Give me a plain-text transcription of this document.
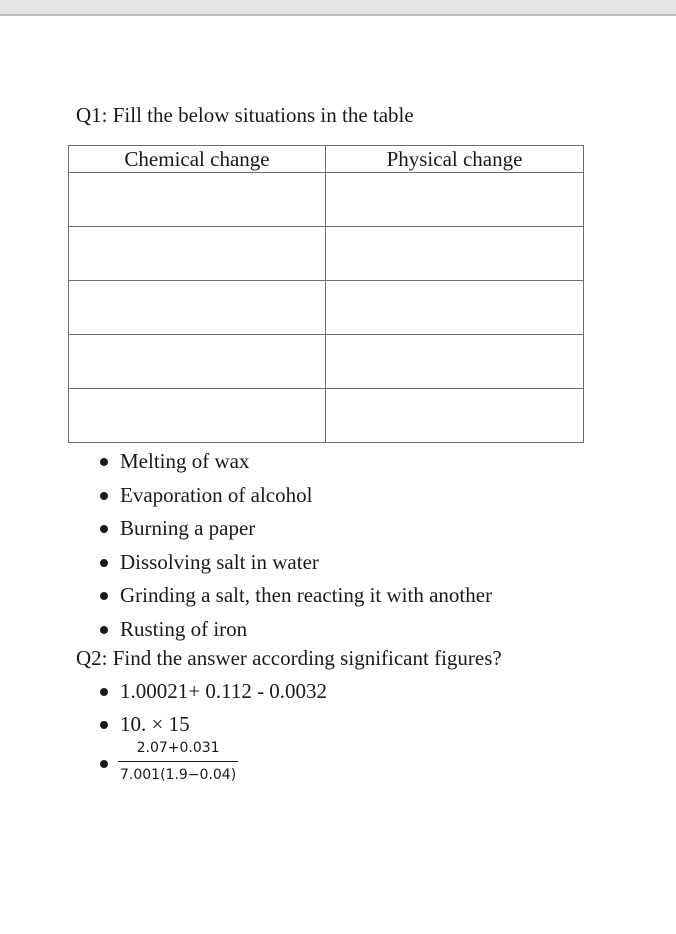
Q1: Fill the below situations in the table
Chemical change	Physical change

Melting of wax
Evaporation of alcohol
Burning a paper
Dissolving salt in water
Grinding a salt, then reacting it with another
Rusting of iron
Q2: Find the answer according significant figures?
1.00021+ 0.112 - 0.0032
10. × 15
$\frac{2.07+0.031}{7.001(1.9-0.04)}$
